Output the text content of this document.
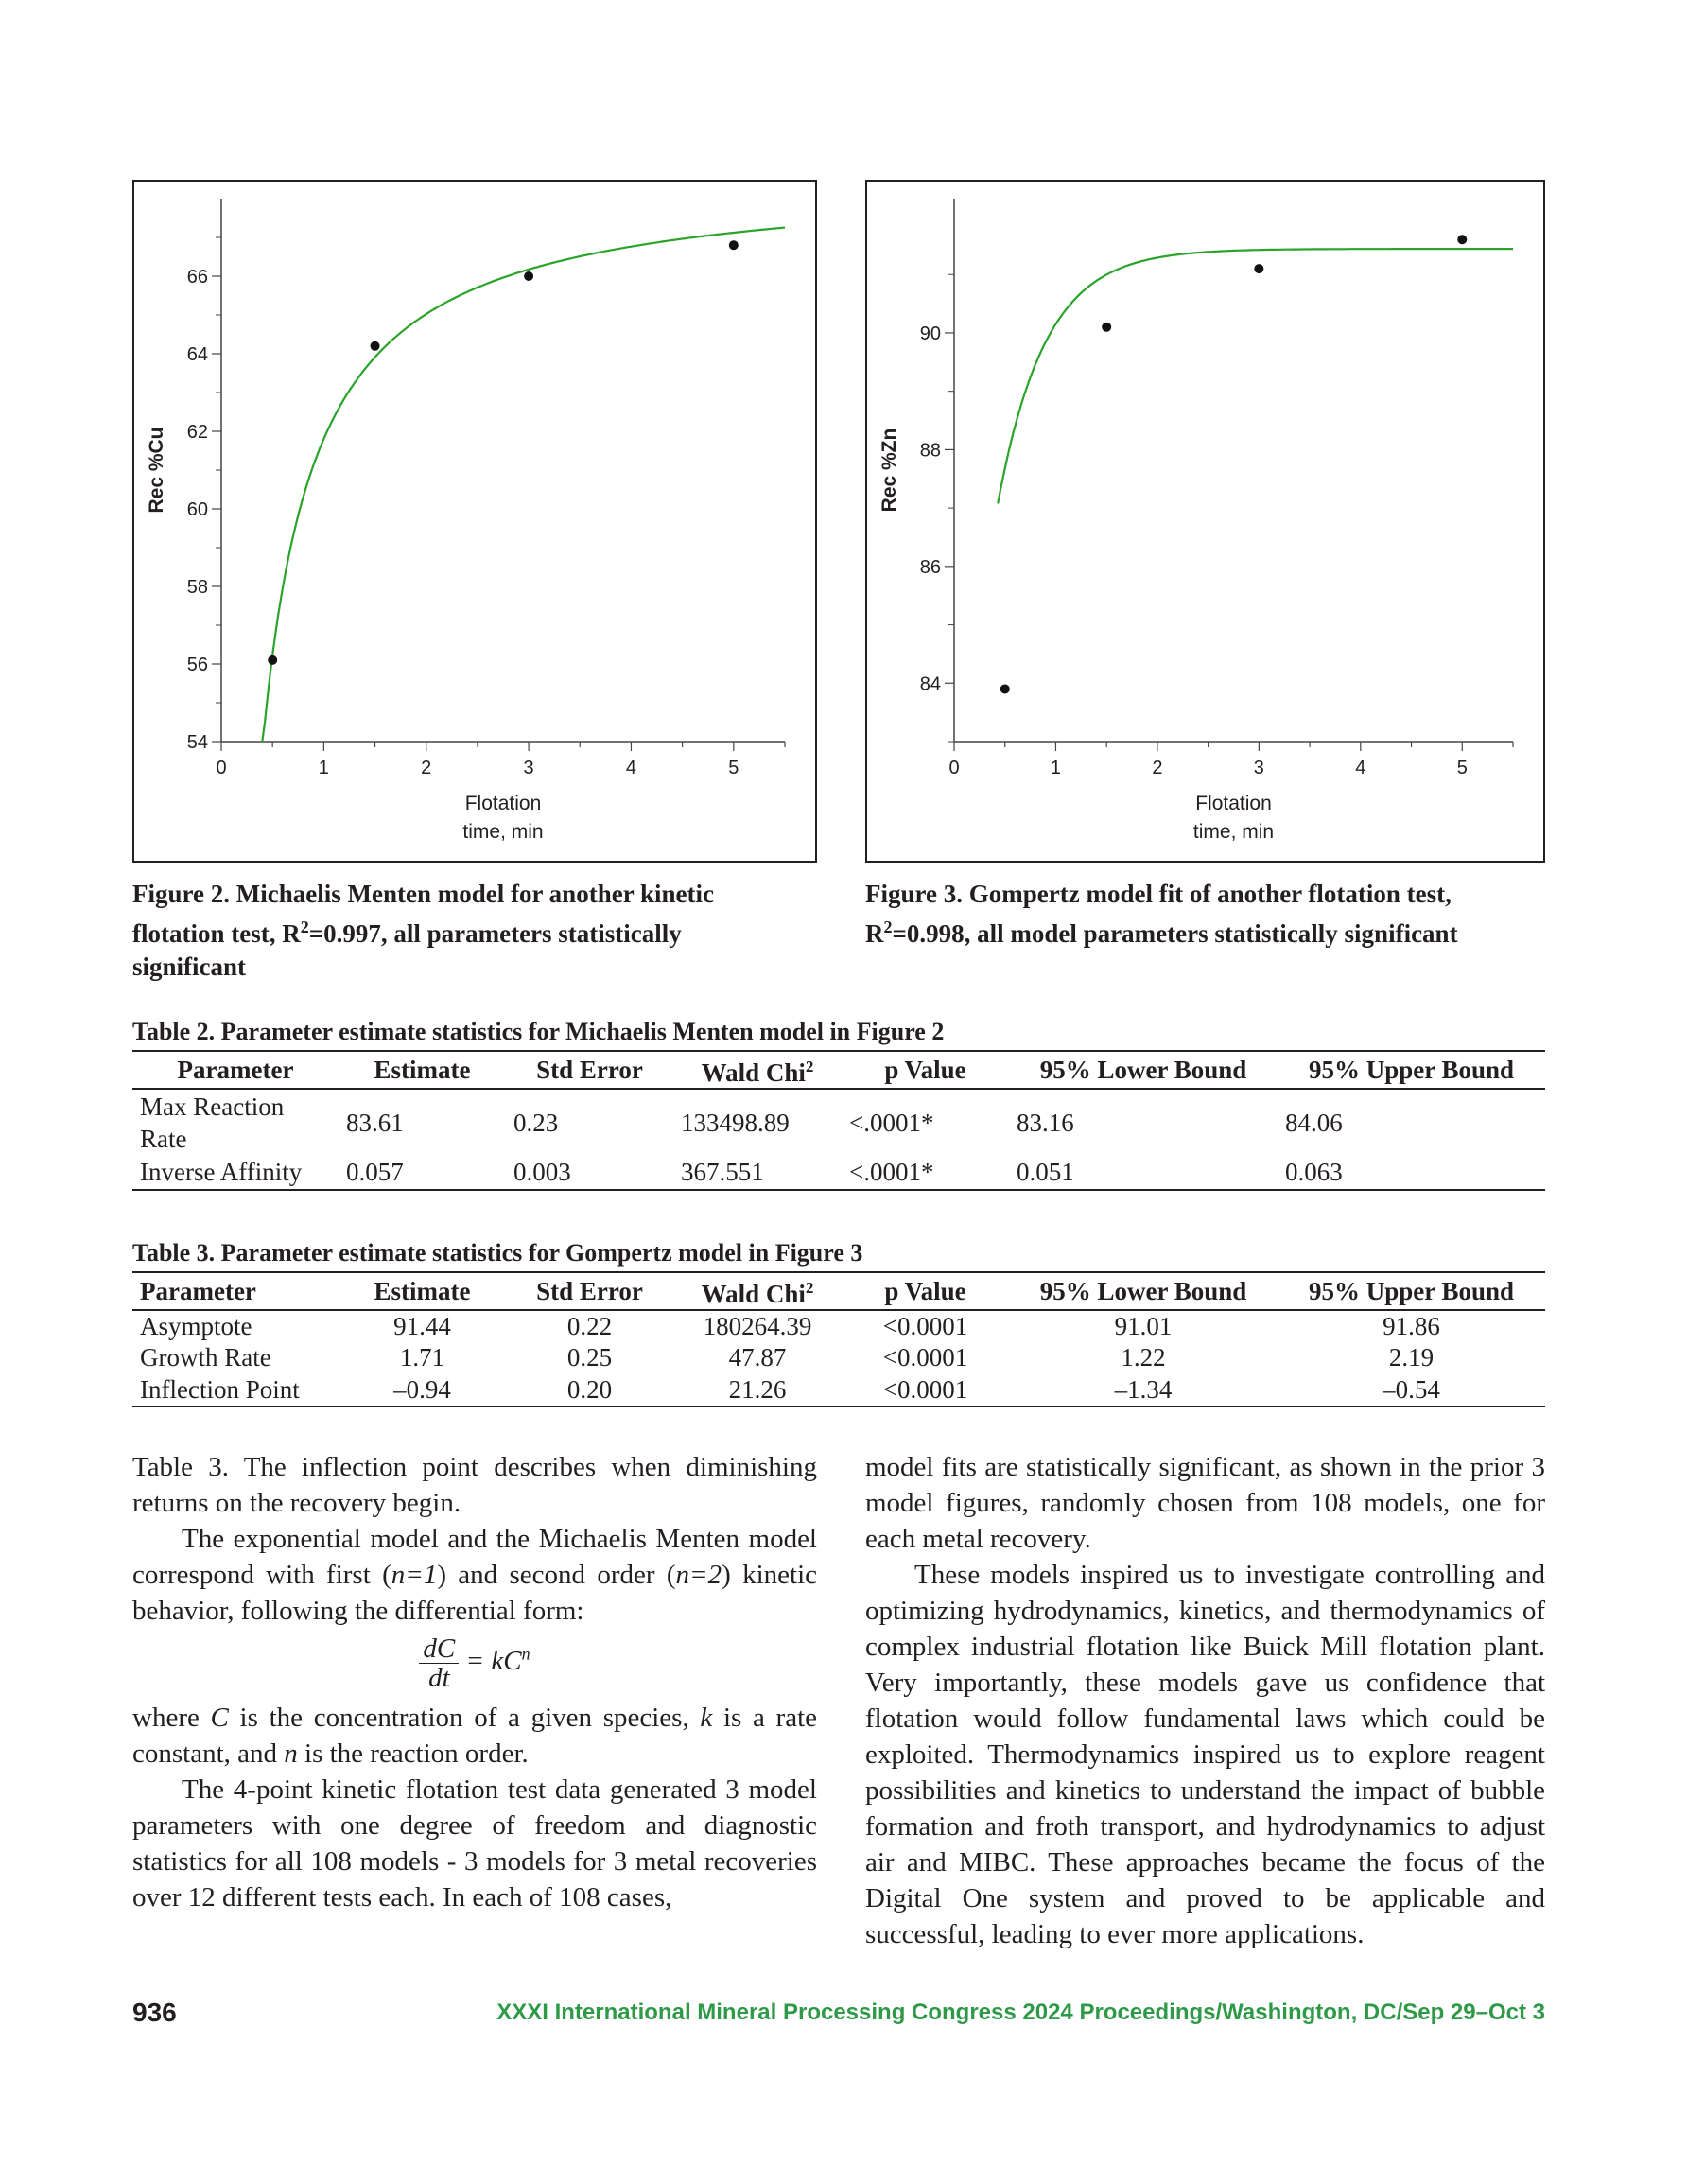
0	1	2	3	4	5
54
56
58
60
62
64
66
Flotation
time, min
Rec %Cu
Figure 2. Michaelis Menten model for another kinetic flotation test, $R^2=0.997$, all parameters statistically significant
0	1	2	3	4	5
84
86
88
90
Flotation
time, min
Rec %Zn
Figure 3. Gompertz model fit of another flotation test, $R^2=0.998$, all model parameters statistically significant
Table 2. Parameter estimate statistics for Michaelis Menten model in Figure 2
Parameter	Estimate	Std Error	Wald Chi$^2$	p Value	95% Lower Bound	95% Upper Bound
Max Reaction Rate	83.61	0.23	133498.89	<.0001*	83.16	84.06
Inverse Affinity	0.057	0.003	367.551	<.0001*	0.051	0.063
Table 3. Parameter estimate statistics for Gompertz model in Figure 3
Parameter	Estimate	Std Error	Wald Chi$^2$	p Value	95% Lower Bound	95% Upper Bound
Asymptote	91.44	0.22	180264.39	<0.0001	91.01	91.86
Growth Rate	1.71	0.25	47.87	<0.0001	1.22	2.19
Inflection Point	–0.94	0.20	21.26	<0.0001	–1.34	–0.54

Table 3. The inflection point describes when diminishing returns on the recovery begin.

The exponential model and the Michaelis Menten model correspond with first (n=1) and second order (n=2) kinetic behavior, following the differential form:

$\frac{dC}{dt} = kC^n$

where C is the concentration of a given species, k is a rate constant, and n is the reaction order.

The 4-point kinetic flotation test data generated 3 model parameters with one degree of freedom and diagnostic statistics for all 108 models - 3 models for 3 metal recoveries over 12 different tests each. In each of 108 cases,

model fits are statistically significant, as shown in the prior 3 model figures, randomly chosen from 108 models, one for each metal recovery.

These models inspired us to investigate controlling and optimizing hydrodynamics, kinetics, and thermodynamics of complex industrial flotation like Buick Mill flotation plant. Very importantly, these models gave us confidence that flotation would follow fundamental laws which could be exploited. Thermodynamics inspired us to explore reagent possibilities and kinetics to understand the impact of bubble formation and froth transport, and hydrodynamics to adjust air and MIBC. These approaches became the focus of the Digital One system and proved to be applicable and successful, leading to ever more applications.

936	XXXI International Mineral Processing Congress 2024 Proceedings/Washington, DC/Sep 29–Oct 3
